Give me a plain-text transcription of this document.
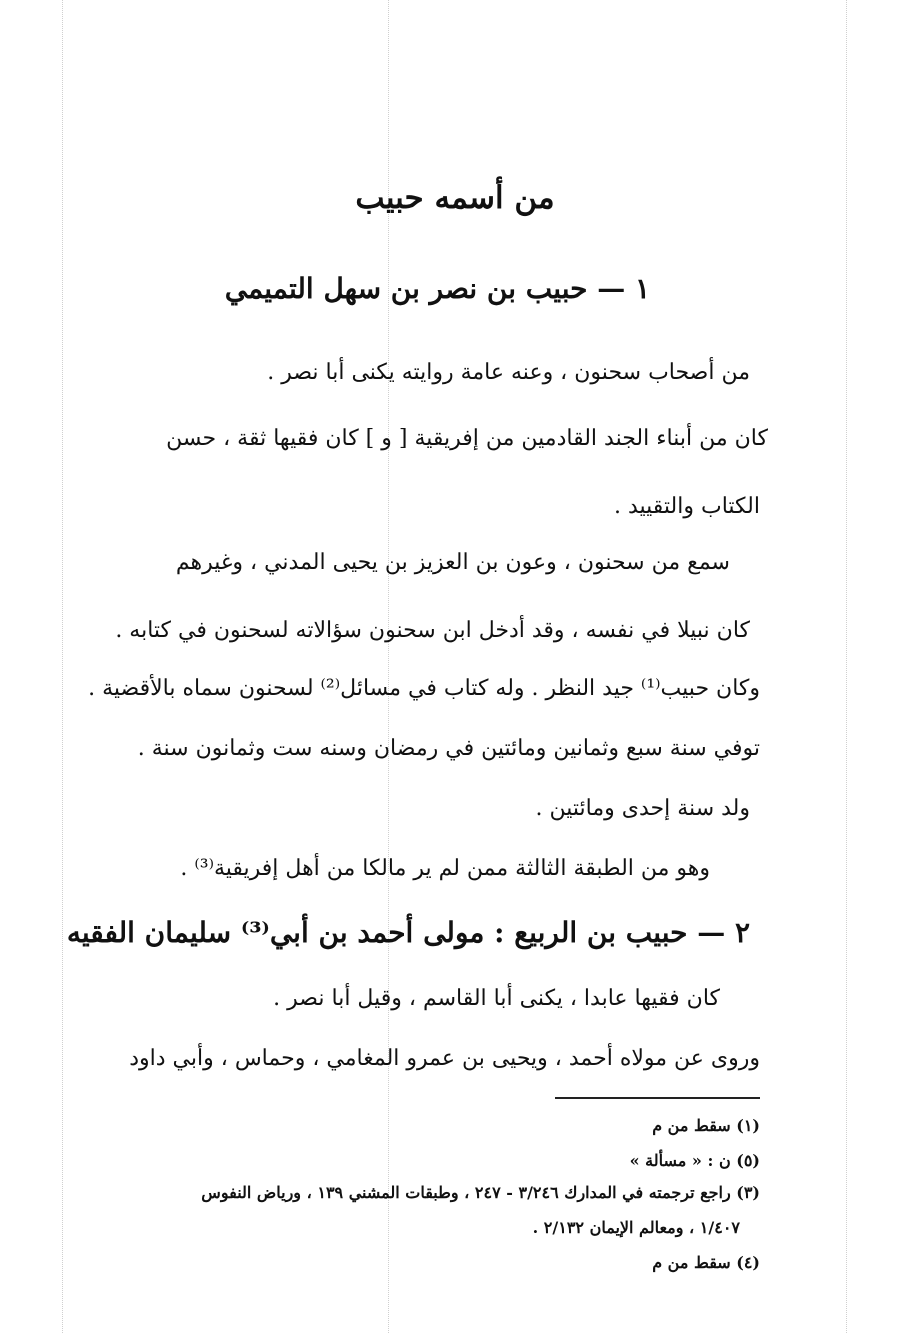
من أسمه حبيب
١ — حبيب بن نصر بن سهل التميمي
من أصحاب سحنون ، وعنه عامة روايته يكنى أبا نصر .
كان من أبناء الجند القادمين من إفريقية [ و ] كان فقيها ثقة ، حسن
الكتاب والتقييد .
سمع من سحنون ، وعون بن العزيز بن يحيى المدني ، وغيرهم
كان نبيلا في نفسه ، وقد أدخل ابن سحنون سؤالاته لسحنون في كتابه .
وكان حبيب⁽¹⁾ جيد النظر . وله كتاب في مسائل⁽²⁾ لسحنون سماه بالأقضية .
توفي سنة سبع وثمانين ومائتين في رمضان وسنه ست وثمانون سنة .
ولد سنة إحدى ومائتين .
وهو من الطبقة الثالثة ممن لم ير مالكا من أهل إفريقية⁽³⁾ .
٢ — حبيب بن الربيع : مولى أحمد بن أبي⁽³⁾ سليمان الفقيه
كان فقيها عابدا ، يكنى أبا القاسم ، وقيل أبا نصر .
وروى عن مولاه أحمد ، ويحيى بن عمرو المغامي ، وحماس ، وأبي داود
(١) سقط من م
(٥) ن : « مسألة »
(٣) راجع ترجمته في المدارك ٣/٢٤٦ - ٢٤٧ ، وطبقات المشني ١٣٩ ، ورياض النفوس
١/٤٠٧ ، ومعالم الإيمان ٢/١٣٢ .
(٤) سقط من م
